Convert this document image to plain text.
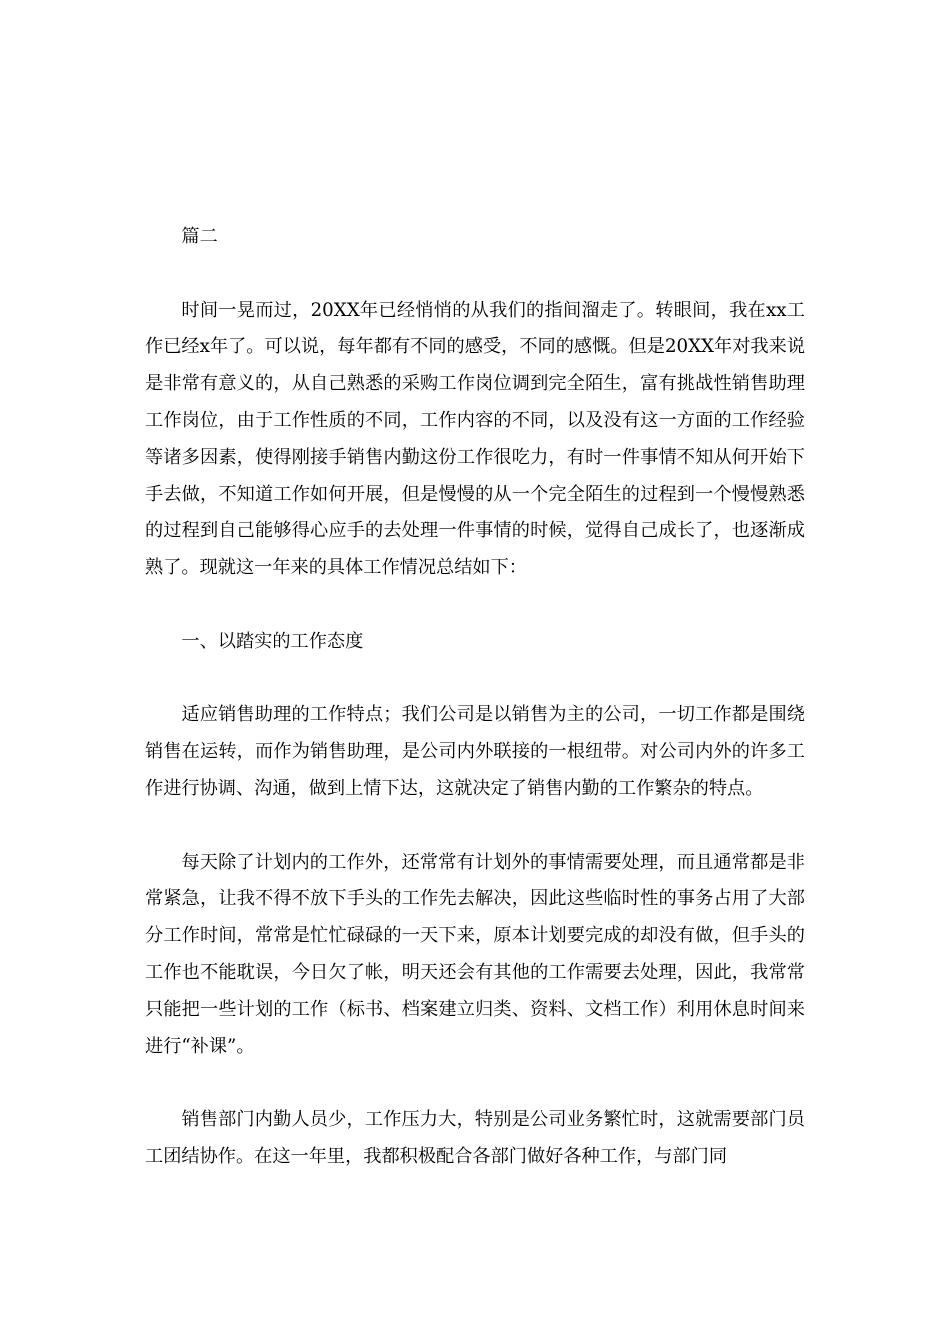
篇二

时间一晃而过，20XX年已经悄悄的从我们的指间溜走了。转眼间，我在xx工作已经x年了。可以说，每年都有不同的感受，不同的感慨。但是20XX年对我来说是非常有意义的，从自己熟悉的采购工作岗位调到完全陌生，富有挑战性销售助理工作岗位，由于工作性质的不同，工作内容的不同，以及没有这一方面的工作经验等诸多因素，使得刚接手销售内勤这份工作很吃力，有时一件事情不知从何开始下手去做，不知道工作如何开展，但是慢慢的从一个完全陌生的过程到一个慢慢熟悉的过程到自己能够得心应手的去处理一件事情的时候，觉得自己成长了，也逐渐成熟了。现就这一年来的具体工作情况总结如下：

一、以踏实的工作态度

适应销售助理的工作特点；我们公司是以销售为主的公司，一切工作都是围绕销售在运转，而作为销售助理，是公司内外联接的一根纽带。对公司内外的许多工作进行协调、沟通，做到上情下达，这就决定了销售内勤的工作繁杂的特点。

每天除了计划内的工作外，还常常有计划外的事情需要处理，而且通常都是非常紧急，让我不得不放下手头的工作先去解决，因此这些临时性的事务占用了大部分工作时间，常常是忙忙碌碌的一天下来，原本计划要完成的却没有做，但手头的工作也不能耽误，今日欠了帐，明天还会有其他的工作需要去处理，因此，我常常只能把一些计划的工作（标书、档案建立归类、资料、文档工作）利用休息时间来进行“补课”。

销售部门内勤人员少，工作压力大，特别是公司业务繁忙时，这就需要部门员工团结协作。在这一年里，我都积极配合各部门做好各种工作，与部门同
